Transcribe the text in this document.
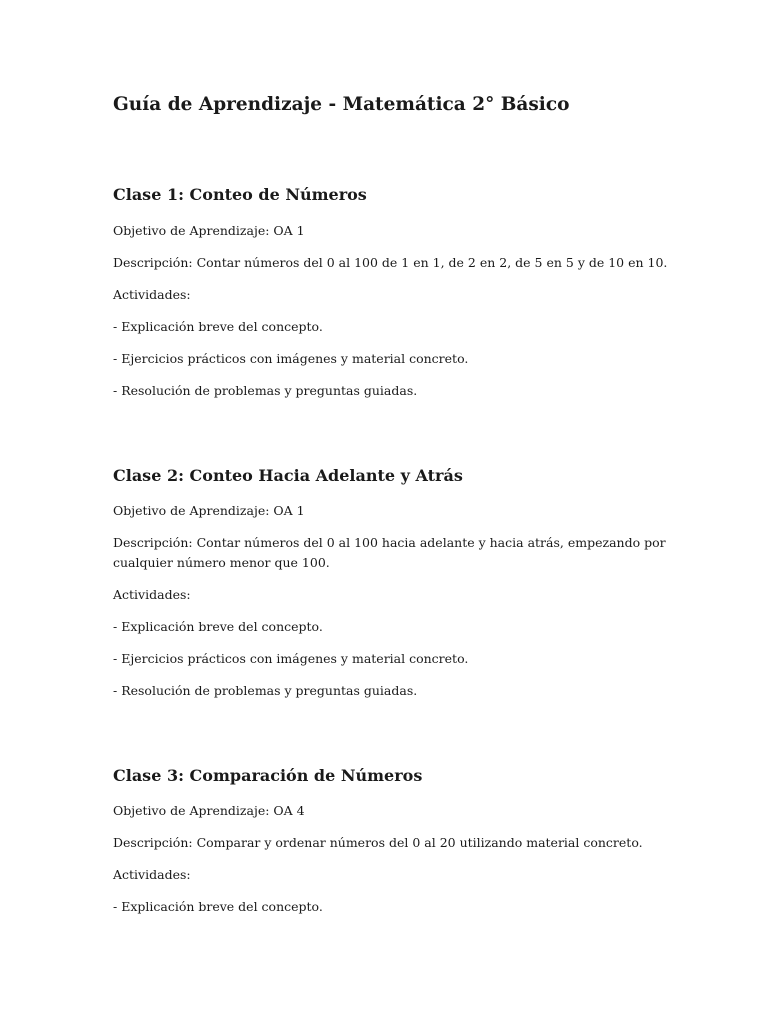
Guía de Aprendizaje - Matemática 2° Básico
Clase 1: Conteo de Números

Objetivo de Aprendizaje: OA 1

Descripción: Contar números del 0 al 100 de 1 en 1, de 2 en 2, de 5 en 5 y de 10 en 10.

Actividades:

- Explicación breve del concepto.

- Ejercicios prácticos con imágenes y material concreto.

- Resolución de problemas y preguntas guiadas.

Clase 2: Conteo Hacia Adelante y Atrás

Objetivo de Aprendizaje: OA 1

Descripción: Contar números del 0 al 100 hacia adelante y hacia atrás, empezando por

cualquier número menor que 100.

Actividades:

- Explicación breve del concepto.

- Ejercicios prácticos con imágenes y material concreto.

- Resolución de problemas y preguntas guiadas.

Clase 3: Comparación de Números

Objetivo de Aprendizaje: OA 4

Descripción: Comparar y ordenar números del 0 al 20 utilizando material concreto.

Actividades:

- Explicación breve del concepto.
